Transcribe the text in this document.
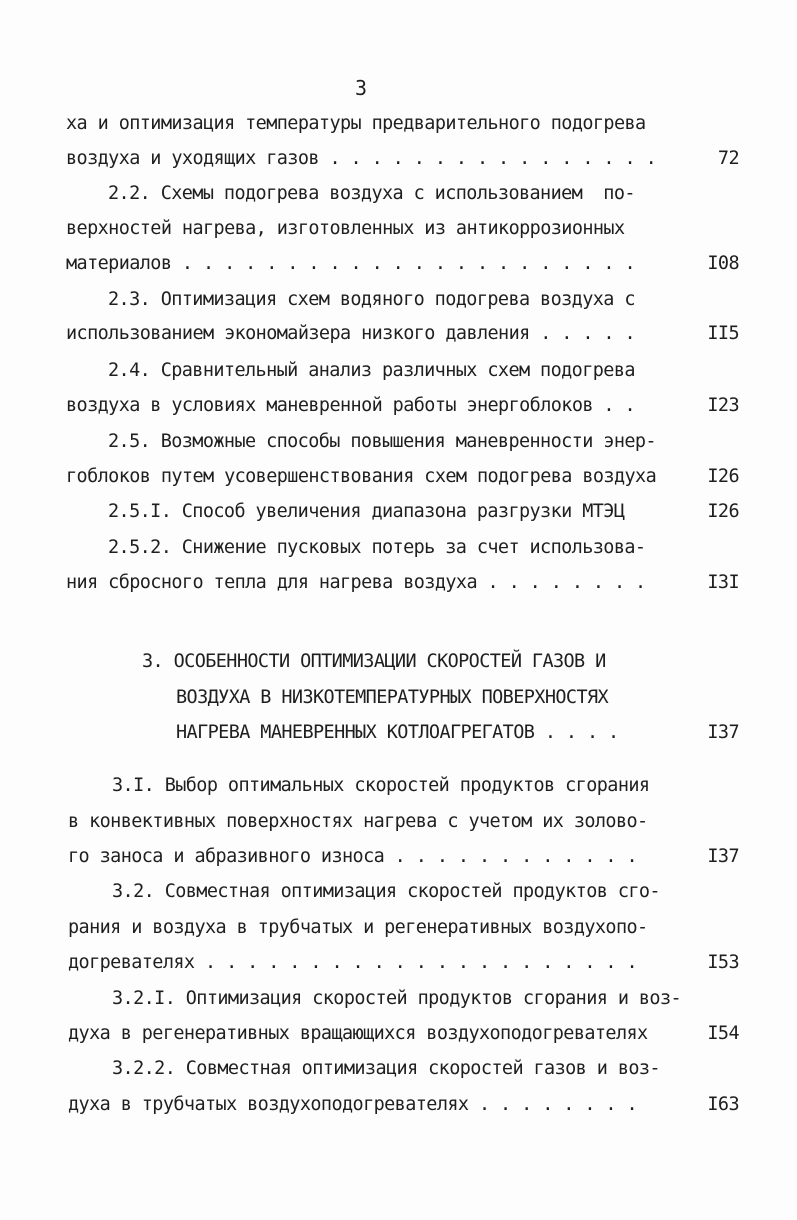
3
ха и оптимизация температуры предварительного подогрева
воздуха и уходящих газов . . . . . . . . . . . . . . . .	72
2.2. Схемы подогрева воздуха с использованием  по-
верхностей нагрева, изготовленных из антикоррозионных
материалов . . . . . . . . . . . . . . . . . . . . . .	I08
2.3. Оптимизация схем водяного подогрева воздуха с
использованием экономайзера низкого давления . . . . .	II5
2.4. Сравнительный анализ различных схем подогрева
воздуха в условиях маневренной работы энергоблоков . .	I23
2.5. Возможные способы повышения маневренности энер-
гоблоков путем усовершенствования схем подогрева воздуха	I26
2.5.I. Способ увеличения диапазона разгрузки МТЭЦ	I26
2.5.2. Снижение пусковых потерь за счет использова-
ния сбросного тепла для нагрева воздуха . . . . . . . .	I3I
3. ОСОБЕННОСТИ ОПТИМИЗАЦИИ СКОРОСТЕЙ ГАЗОВ И
ВОЗДУХА В НИЗКОТЕМПЕРАТУРНЫХ ПОВЕРХНОСТЯХ
НАГРЕВА МАНЕВРЕННЫХ КОТЛОАГРЕГАТОВ . . . .	I37
3.I. Выбор оптимальных скоростей продуктов сгорания
в конвективных поверхностях нагрева с учетом их золово-
го заноса и абразивного износа . . . . . . . . . . . .	I37
3.2. Совместная оптимизация скоростей продуктов сго-
рания и воздуха в трубчатых и регенеративных воздухопо-
догревателях . . . . . . . . . . . . . . . . . . . . .	I53
3.2.I. Оптимизация скоростей продуктов сгорания и воз-
духа в регенеративных вращающихся воздухоподогревателях	I54
3.2.2. Совместная оптимизация скоростей газов и воз-
духа в трубчатых воздухоподогревателях . . . . . . . .	I63
